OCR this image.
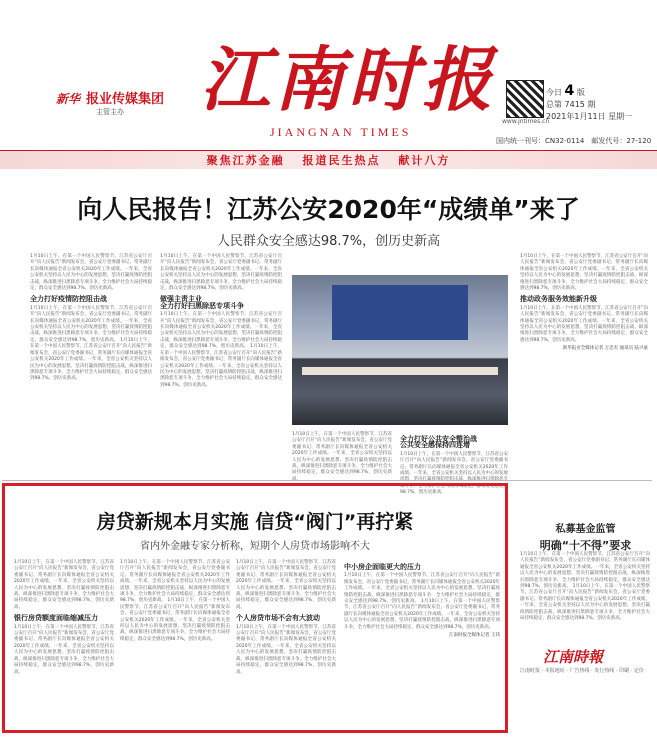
新华 报业传媒集团
主管主办	江南时报
JIANGNAN TIMES
www.jntimes.cn
今日 4 版
总第 7415 期
2021年1月11日 星期一
国内统一刊号：CN32-0114　邮发代号：27-120
聚焦江苏金融 报道民生热点 献计八方
向人民报告！江苏公安2020年“成绩单”来了
人民群众安全感达98.7%，创历史新高
1月10日上午，在第一个中国人民警察节，江苏省公安厅召开“向人民报告”新闻发布会，省公安厅党委副书记、常务副厅长向媒体通报全省公安机关2020年工作成绩。一年来，全省公安机关坚持以人民为中心的发展思想，坚决打赢疫情防控阻击战，纵深推进扫黑除恶专项斗争，全力维护社会大局持续稳定，群众安全感达到98.7%，创历史新高。
全力打好疫情防控阻击战
1月10日上午，在第一个中国人民警察节，江苏省公安厅召开“向人民报告”新闻发布会，省公安厅党委副书记、常务副厅长向媒体通报全省公安机关2020年工作成绩。一年来，全省公安机关坚持以人民为中心的发展思想，坚决打赢疫情防控阻击战，纵深推进扫黑除恶专项斗争，全力维护社会大局持续稳定，群众安全感达到98.7%，创历史新高。 1月10日上午，在第一个中国人民警察节，江苏省公安厅召开“向人民报告”新闻发布会，省公安厅党委副书记、常务副厅长向媒体通报全省公安机关2020年工作成绩。一年来，全省公安机关坚持以人民为中心的发展思想，坚决打赢疫情防控阻击战，纵深推进扫黑除恶专项斗争，全力维护社会大局持续稳定，群众安全感达到98.7%，创历史新高。
1月10日上午，在第一个中国人民警察节，江苏省公安厅召开“向人民报告”新闻发布会，省公安厅党委副书记、常务副厅长向媒体通报全省公安机关2020年工作成绩。一年来，全省公安机关坚持以人民为中心的发展思想，坚决打赢疫情防控阻击战，纵深推进扫黑除恶专项斗争，全力维护社会大局持续稳定，群众安全感达到98.7%，创历史新高。
做强主责主业
全力打好扫黑除恶专项斗争
1月10日上午，在第一个中国人民警察节，江苏省公安厅召开“向人民报告”新闻发布会，省公安厅党委副书记、常务副厅长向媒体通报全省公安机关2020年工作成绩。一年来，全省公安机关坚持以人民为中心的发展思想，坚决打赢疫情防控阻击战，纵深推进扫黑除恶专项斗争，全力维护社会大局持续稳定，群众安全感达到98.7%，创历史新高。 1月10日上午，在第一个中国人民警察节，江苏省公安厅召开“向人民报告”新闻发布会，省公安厅党委副书记、常务副厅长向媒体通报全省公安机关2020年工作成绩。一年来，全省公安机关坚持以人民为中心的发展思想，坚决打赢疫情防控阻击战，纵深推进扫黑除恶专项斗争，全力维护社会大局持续稳定，群众安全感达到98.7%，创历史新高。
1月10日上午，在第一个中国人民警察节，江苏省公安厅召开“向人民报告”新闻发布会，省公安厅党委副书记、常务副厅长向媒体通报全省公安机关2020年工作成绩。一年来，全省公安机关坚持以人民为中心的发展思想，坚决打赢疫情防控阻击战，纵深推进扫黑除恶专项斗争，全力维护社会大局持续稳定，群众安全感达到98.7%，创历史新
全力打好公共安全整治战
公共安全感保持四连增
1月10日上午，在第一个中国人民警察节，江苏省公安厅召开“向人民报告”新闻发布会，省公安厅党委副书记、常务副厅长向媒体通报全省公安机关2020年工作成绩。一年来，全省公安机关坚持以人民为中心的发展 项斗争，全力维护社会大局持续稳定，群众安全感达到98.7%，创历史新高。
1月10日上午，在第一个中国人民警察节，江苏省公安厅召开“向人民报告”新闻发布会，省公安厅党委副书记、常务副厅长向媒体通报全省公安机关2020年工作成绩。一年来，全省公安机关坚持以人民为中心的发展思想，坚决打赢疫情防控阻击战，纵深推进扫黑除恶专项斗争，全力维护社会大局持续稳定，群众安全感达到98.7%，创历史新高。
推动政务服务效能新升级
1月10日上午，在第一个中国人民警察节，江苏省公安厅召开“向人民报告”新闻发布会，省公安厅党委副书记、常务副厅长向媒体通报全省公安机关2020年工作成绩。一年来，全省公安机关坚持以人民为中心的发展思想，坚决打赢疫情防控阻击战，纵深推进扫黑除恶专项斗争，全力维护社会大局持续稳定，群众安全感达到98.7%，创历史新高。
新华报业全媒体记者 万忠有 通讯员 陆兴豪
房贷新规本月实施 信贷“阀门”再拧紧
省内外金融专家分析称，短期个人房贷市场影响不大
1月10日上午，在第一个中国人民警察节，江苏省公安厅召开“向人民报告”新闻发布会，省公安厅党委副书记、常务副厅长向媒体通报全省公安机关2020年工作成绩。一年来，全省公安机关坚持以人民为中心的发展思想，坚决打赢疫情防控阻击战，纵深推进扫黑除恶专项斗争，全力维护社会大局持续稳定，群众安全感达到98.7%，创历史新高。
银行房贷额度面临缩减压力
1月10日上午，在第一个中国人民警察节，江苏省公安厅召开“向人民报告”新闻发布会，省公安厅党委副书记、常务副厅长向媒体通报全省公安机关2020年工作成绩。一年来，全省公安机关坚持以人民为中心的发展思想，坚决打赢疫情防控阻击战，纵深推进扫黑除恶专项斗争，全力维护社会大局持续稳定，群众安全感达到98.7%，创历史新高。
1月10日上午，在第一个中国人民警察节，江苏省公安厅召开“向人民报告”新闻发布会，省公安厅党委副书记、常务副厅长向媒体通报全省公安机关2020年工作成绩。一年来，全省公安机关坚持以人民为中心的发展思想，坚决打赢疫情防控阻击战，纵深推进扫黑除恶专项斗争，全力维护社会大局持续稳定，群众安全感达到98.7%，创历史新高。 1月10日上午，在第一个中国人民警察节，江苏省公安厅召开“向人民报告”新闻发布会，省公安厅党委副书记、常务副厅长向媒体通报全省公安机关2020年工作成绩。一年来，全省公安机关坚持以人民为中心的发展思想，坚决打赢疫情防控阻击战，纵深推进扫黑除恶专项斗争，全力维护社会大局持续稳定，群众安全感达到98.7%，创历史新高。
1月10日上午，在第一个中国人民警察节，江苏省公安厅召开“向人民报告”新闻发布会，省公安厅党委副书记、常务副厅长向媒体通报全省公安机关2020年工作成绩。一年来，全省公安机关坚持以人民为中心的发展思想，坚决打赢疫情防控阻击战，纵深推进扫黑除恶专项斗争，全力维护社会大局持续稳定，群众安全感达到98.7%，创历史新高。
个人房贷市场不会有大波动
1月10日上午，在第一个中国人民警察节，江苏省公安厅召开“向人民报告”新闻发布会，省公安厅党委副书记、常务副厅长向媒体通报全省公安机关2020年工作成绩。一年来，全省公安机关坚持以人民为中心的发展思想，坚决打赢疫情防控阻击战，纵深推进扫黑除恶专项斗争，全力维护社会大局持续稳定，群众安全感达到98.7%，创历史新高。
中小房企面临更大的压力
1月10日上午，在第一个中国人民警察节，江苏省公安厅召开“向人民报告”新闻发布会，省公安厅党委副书记、常务副厅长向媒体通报全省公安机关2020年工作成绩。一年来，全省公安机关坚持以人民为中心的发展思想，坚决打赢疫情防控阻击战，纵深推进扫黑除恶专项斗争，全力维护社会大局持续稳定，群众安全感达到98.7%，创历史新高。 1月10日上午，在第一个中国人民警察节，江苏省公安厅召开“向人民报告”新闻发布会，省公安厅党委副书记、常务副厅长向媒体通报全省公安机关2020年工作成绩。一年来，全省公安机关坚持以人民为中心的发展思想，坚决打赢疫情防控阻击战，纵深推进扫黑除恶专项斗争，全力维护社会大局持续稳定，群众安全感达到98.7%，创历史新高。
江南时报全媒体记者 王玮
私募基金监管
明确“十不得”要求
1月10日上午，在第一个中国人民警察节，江苏省公安厅召开“向人民报告”新闻发布会，省公安厅党委副书记、常务副厅长向媒体通报全省公安机关2020年工作成绩。一年来，全省公安机关坚持以人民为中心的发展思想，坚决打赢疫情防控阻击战，纵深推进扫黑除恶专项斗争，全力维护社会大局持续稳定，群众安全感达到98.7%，创历史新高。 1月10日上午，在第一个中国人民警察节，江苏省公安厅召开“向人民报告”新闻发布会，省公安厅党委副书记、常务副厅长向媒体通报全省公安机关2020年工作成绩。一年来，全省公安机关坚持以人民为中心的发展思想，坚决打赢疫情防控阻击战，纵深推进扫黑除恶专项斗争，全力维护社会大局持续稳定，群众安全感达到98.7%，创历史新高。
江南時報
江南时报 · 本报地址 · 广告热线 · 发行热线 · 印刷 · 定价
